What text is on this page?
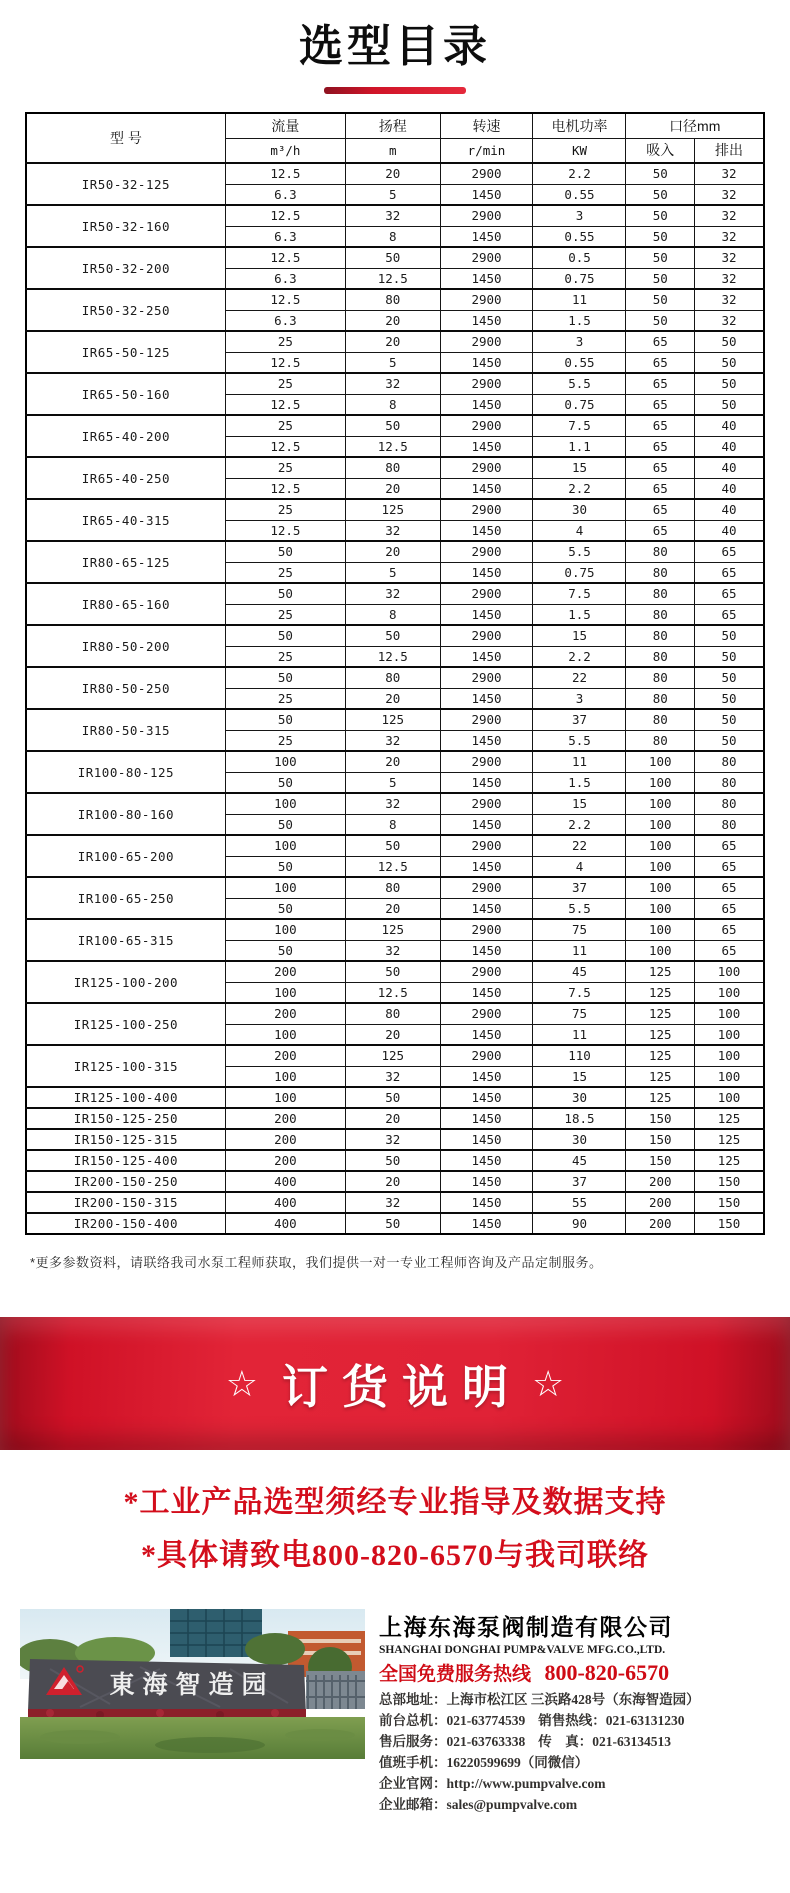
选型目录
型 号	流量	扬程	转速	电机功率	口径mm	
	m³/h	m	r/min	KW	吸入	排出
IR50-32-125	12.5	20	2900	2.2	50	32
	6.3	5	1450	0.55	50	32
IR50-32-160	12.5	32	2900	3	50	32
	6.3	8	1450	0.55	50	32
IR50-32-200	12.5	50	2900	0.5	50	32
	6.3	12.5	1450	0.75	50	32
IR50-32-250	12.5	80	2900	11	50	32
	6.3	20	1450	1.5	50	32
IR65-50-125	25	20	2900	3	65	50
	12.5	5	1450	0.55	65	50
IR65-50-160	25	32	2900	5.5	65	50
	12.5	8	1450	0.75	65	50
IR65-40-200	25	50	2900	7.5	65	40
	12.5	12.5	1450	1.1	65	40
IR65-40-250	25	80	2900	15	65	40
	12.5	20	1450	2.2	65	40
IR65-40-315	25	125	2900	30	65	40
	12.5	32	1450	4	65	40
IR80-65-125	50	20	2900	5.5	80	65
	25	5	1450	0.75	80	65
IR80-65-160	50	32	2900	7.5	80	65
	25	8	1450	1.5	80	65
IR80-50-200	50	50	2900	15	80	50
	25	12.5	1450	2.2	80	50
IR80-50-250	50	80	2900	22	80	50
	25	20	1450	3	80	50
IR80-50-315	50	125	2900	37	80	50
	25	32	1450	5.5	80	50
IR100-80-125	100	20	2900	11	100	80
	50	5	1450	1.5	100	80
IR100-80-160	100	32	2900	15	100	80
	50	8	1450	2.2	100	80
IR100-65-200	100	50	2900	22	100	65
	50	12.5	1450	4	100	65
IR100-65-250	100	80	2900	37	100	65
	50	20	1450	5.5	100	65
IR100-65-315	100	125	2900	75	100	65
	50	32	1450	11	100	65
IR125-100-200	200	50	2900	45	125	100
	100	12.5	1450	7.5	125	100
IR125-100-250	200	80	2900	75	125	100
	100	20	1450	11	125	100
IR125-100-315	200	125	2900	110	125	100
	100	32	1450	15	125	100
IR125-100-400	100	50	1450	30	125	100
IR150-125-250	200	20	1450	18.5	150	125
IR150-125-315	200	32	1450	30	150	125
IR150-125-400	200	50	1450	45	150	125
IR200-150-250	400	20	1450	37	200	150
IR200-150-315	400	32	1450	55	200	150
IR200-150-400	400	50	1450	90	200	150
*更多参数资料，请联络我司水泵工程师获取，我们提供一对一专业工程师咨询及产品定制服务。
☆ 订货说明 ☆
*工业产品选型须经专业指导及数据支持
*具体请致电800-820-6570与我司联络
東海智造园
上海东海泵阀制造有限公司
SHANGHAI DONGHAI PUMP&VALVE MFG.CO.,LTD.
全国免费服务热线 800-820-6570
总部地址：上海市松江区 三浜路428号（东海智造园）
前台总机：021-63774539 销售热线：021-63131230
售后服务：021-63763338 传　真：021-63134513
值班手机：16220599699（同微信）
企业官网：http://www.pumpvalve.com
企业邮箱：sales@pumpvalve.com
